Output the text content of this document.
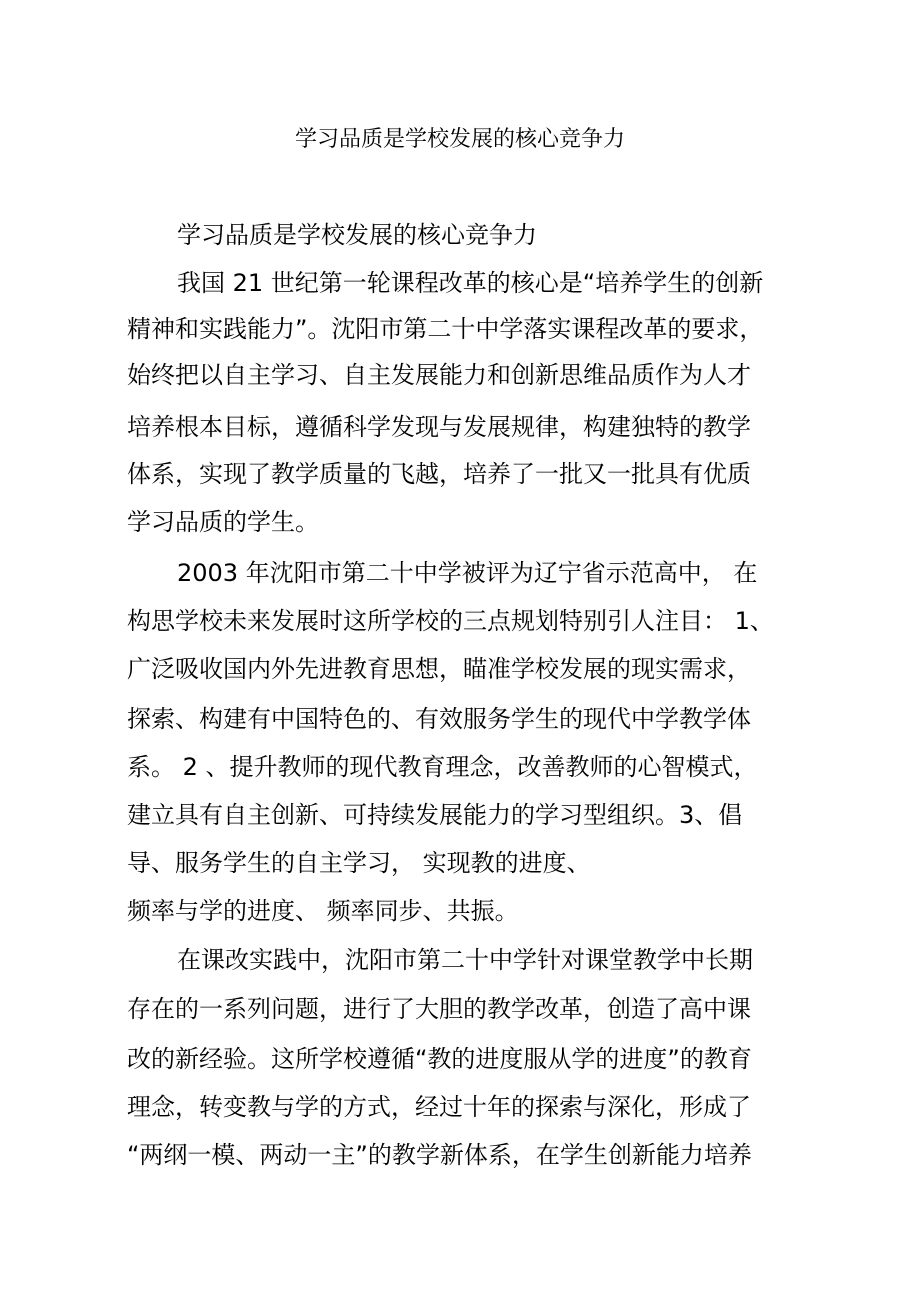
学习品质是学校发展的核心竞争力

学习品质是学校发展的核心竞争力

我国 21 世纪第一轮课程改革的核心是“培养学生的创新

精神和实践能力”。沈阳市第二十中学落实课程改革的要求，

始终把以自主学习、自主发展能力和创新思维品质作为人才

培养根本目标，遵循科学发现与发展规律，构建独特的教学

体系，实现了教学质量的飞越，培养了一批又一批具有优质

学习品质的学生。

2003 年沈阳市第二十中学被评为辽宁省示范高中， 在

构思学校未来发展时这所学校的三点规划特别引人注目： 1、

广泛吸收国内外先进教育思想，瞄准学校发展的现实需求，

探索、构建有中国特色的、有效服务学生的现代中学教学体

系。 2 、提升教师的现代教育理念，改善教师的心智模式，

建立具有自主创新、可持续发展能力的学习型组织。3、倡

导、服务学生的自主学习， 实现教的进度、

频率与学的进度、 频率同步、共振。

在课改实践中，沈阳市第二十中学针对课堂教学中长期

存在的一系列问题，进行了大胆的教学改革，创造了高中课

改的新经验。这所学校遵循“教的进度服从学的进度”的教育

理念，转变教与学的方式，经过十年的探索与深化，形成了

“两纲一模、两动一主”的教学新体系，在学生创新能力培养
